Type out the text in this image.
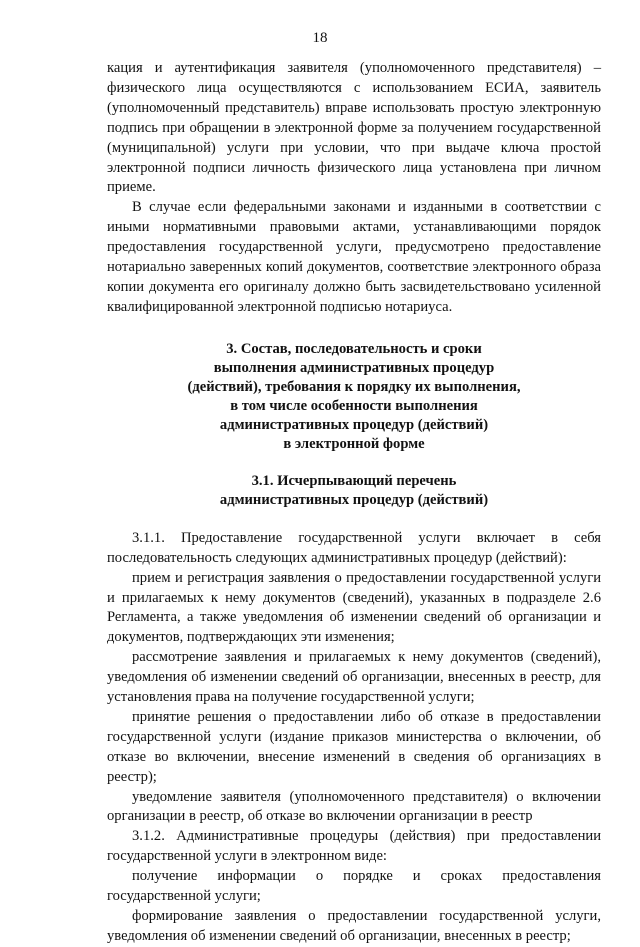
18

кация и аутентификация заявителя (уполномоченного представителя) – физического лица осуществляются с использованием ЕСИА, заявитель (уполномоченный представитель) вправе использовать простую электронную подпись при обращении в электронной форме за получением государственной (муниципальной) услуги при условии, что при выдаче ключа простой электронной подписи личность физического лица установлена при личном приеме.

В случае если федеральными законами и изданными в соответствии с иными нормативными правовыми актами, устанавливающими порядок предоставления государственной услуги, предусмотрено предоставление нотариально заверенных копий документов, соответствие электронного образа копии документа его оригиналу должно быть засвидетельствовано усиленной квалифицированной электронной подписью нотариуса.

3. Состав, последовательность и сроки

выполнения административных процедур

(действий), требования к порядку их выполнения,

в том числе особенности выполнения

административных процедур (действий)

в электронной форме

3.1. Исчерпывающий перечень

административных процедур (действий)

3.1.1. Предоставление государственной услуги включает в себя последовательность следующих административных процедур (действий):

прием и регистрация заявления о предоставлении государственной услуги и прилагаемых к нему документов (сведений), указанных в подразделе 2.6 Регламента, а также уведомления об изменении сведений об организации и документов, подтверждающих эти изменения;

рассмотрение заявления и прилагаемых к нему документов (сведений), уведомления об изменении сведений об организации, внесенных в реестр, для установления права на получение государственной услуги;

принятие решения о предоставлении либо об отказе в предоставлении государственной услуги (издание приказов министерства о включении, об отказе во включении, внесение изменений в сведения об организациях в реестр);

уведомление заявителя (уполномоченного представителя) о включении организации в реестр, об отказе во включении организации в реестр

3.1.2. Административные процедуры (действия) при предоставлении государственной услуги в электронном виде:

получение информации о порядке и сроках предоставления государственной услуги;

формирование заявления о предоставлении государственной услуги, уведомления об изменении сведений об организации, внесенных в реестр;
